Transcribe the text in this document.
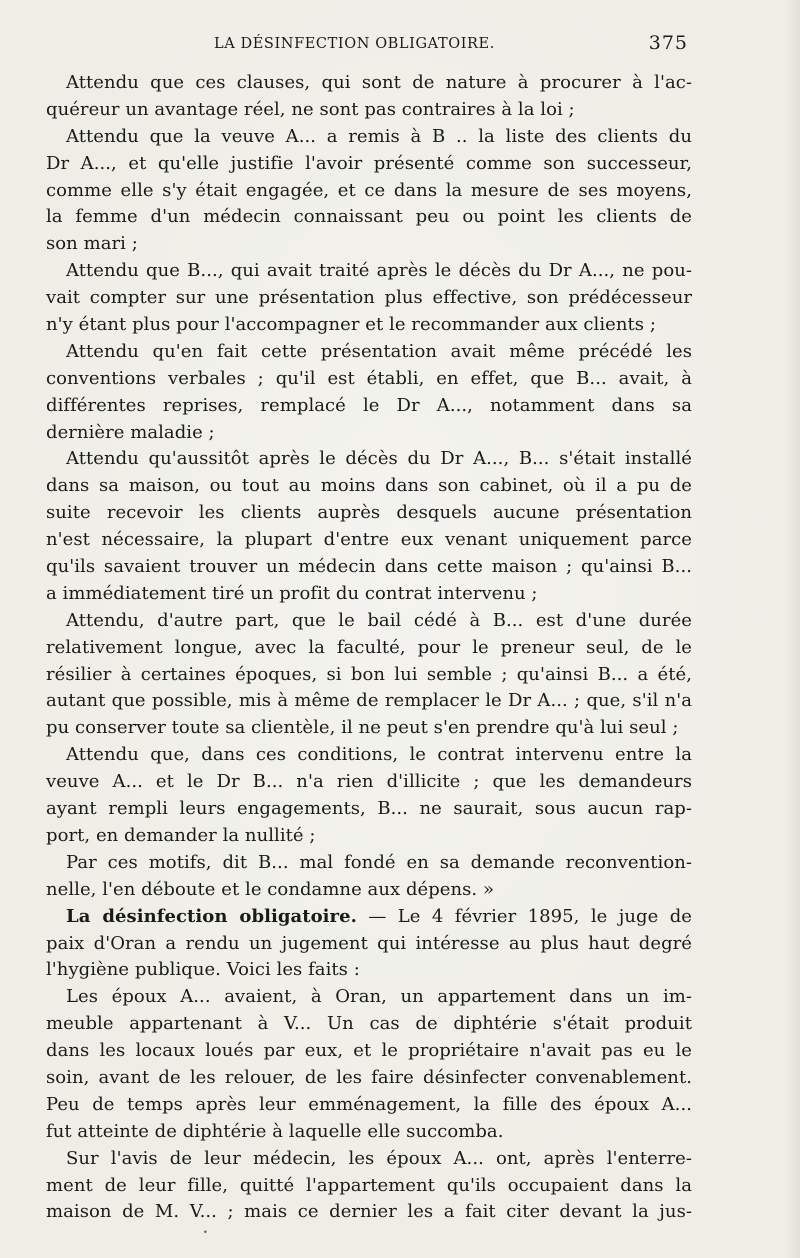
LA DÉSINFECTION OBLIGATOIRE.	375
Attendu que ces clauses, qui sont de nature à procurer à l'ac-
quéreur un avantage réel, ne sont pas contraires à la loi ;
Attendu que la veuve A... a remis à B .. la liste des clients du
Dr A..., et qu'elle justifie l'avoir présenté comme son successeur,
comme elle s'y était engagée, et ce dans la mesure de ses moyens,
la femme d'un médecin connaissant peu ou point les clients de
son mari ;
Attendu que B..., qui avait traité après le décès du Dr A..., ne pou-
vait compter sur une présentation plus effective, son prédécesseur
n'y étant plus pour l'accompagner et le recommander aux clients ;
Attendu qu'en fait cette présentation avait même précédé les
conventions verbales ; qu'il est établi, en effet, que B... avait, à
différentes reprises, remplacé le Dr A..., notamment dans sa
dernière maladie ;
Attendu qu'aussitôt après le décès du Dr A..., B... s'était installé
dans sa maison, ou tout au moins dans son cabinet, où il a pu de
suite recevoir les clients auprès desquels aucune présentation
n'est nécessaire, la plupart d'entre eux venant uniquement parce
qu'ils savaient trouver un médecin dans cette maison ; qu'ainsi B...
a immédiatement tiré un profit du contrat intervenu ;
Attendu, d'autre part, que le bail cédé à B... est d'une durée
relativement longue, avec la faculté, pour le preneur seul, de le
résilier à certaines époques, si bon lui semble ; qu'ainsi B... a été,
autant que possible, mis à même de remplacer le Dr A... ; que, s'il n'a
pu conserver toute sa clientèle, il ne peut s'en prendre qu'à lui seul ;
Attendu que, dans ces conditions, le contrat intervenu entre la
veuve A... et le Dr B... n'a rien d'illicite ; que les demandeurs
ayant rempli leurs engagements, B... ne saurait, sous aucun rap-
port, en demander la nullité ;
Par ces motifs, dit B... mal fondé en sa demande reconvention-
nelle, l'en déboute et le condamne aux dépens. »
La désinfection obligatoire. — Le 4 février 1895, le juge de
paix d'Oran a rendu un jugement qui intéresse au plus haut degré
l'hygiène publique. Voici les faits :
Les époux A... avaient, à Oran, un appartement dans un im-
meuble appartenant à V... Un cas de diphtérie s'était produit
dans les locaux loués par eux, et le propriétaire n'avait pas eu le
soin, avant de les relouer, de les faire désinfecter convenablement.
Peu de temps après leur emménagement, la fille des époux A...
fut atteinte de diphtérie à laquelle elle succomba.
Sur l'avis de leur médecin, les époux A... ont, après l'enterre-
ment de leur fille, quitté l'appartement qu'ils occupaient dans la
maison de M. V... ; mais ce dernier les a fait citer devant la jus-
•
